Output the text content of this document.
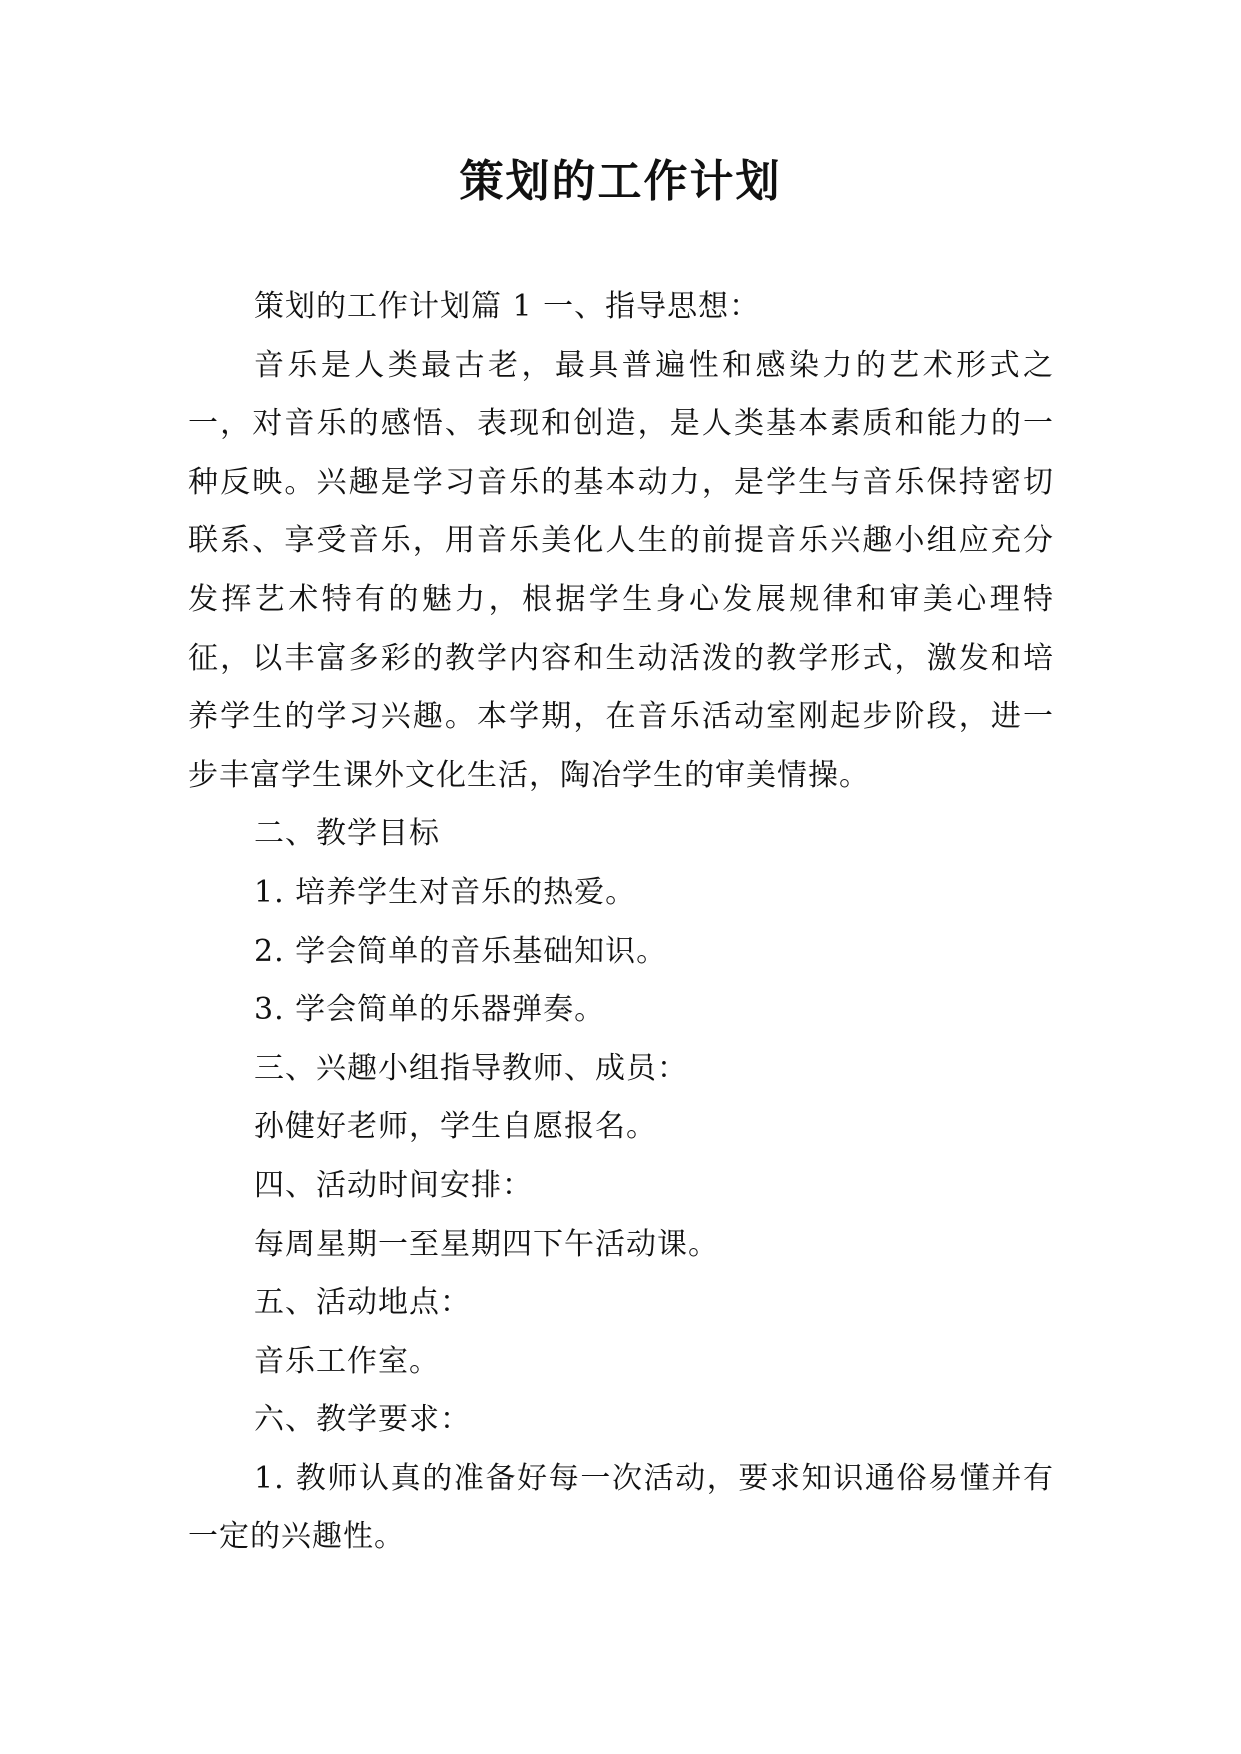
策划的工作计划

策划的工作计划篇 1 一、指导思想：

音乐是人类最古老，最具普遍性和感染力的艺术形式之一，对音乐的感悟、表现和创造，是人类基本素质和能力的一种反映。兴趣是学习音乐的基本动力，是学生与音乐保持密切联系、享受音乐，用音乐美化人生的前提音乐兴趣小组应充分发挥艺术特有的魅力，根据学生身心发展规律和审美心理特征，以丰富多彩的教学内容和生动活泼的教学形式，激发和培养学生的学习兴趣。本学期，在音乐活动室刚起步阶段，进一步丰富学生课外文化生活，陶冶学生的审美情操。

二、教学目标

1. 培养学生对音乐的热爱。

2. 学会简单的音乐基础知识。

3. 学会简单的乐器弹奏。

三、兴趣小组指导教师、成员：

孙健好老师，学生自愿报名。

四、活动时间安排：

每周星期一至星期四下午活动课。

五、活动地点：

音乐工作室。

六、教学要求：

1. 教师认真的准备好每一次活动，要求知识通俗易懂并有一定的兴趣性。
